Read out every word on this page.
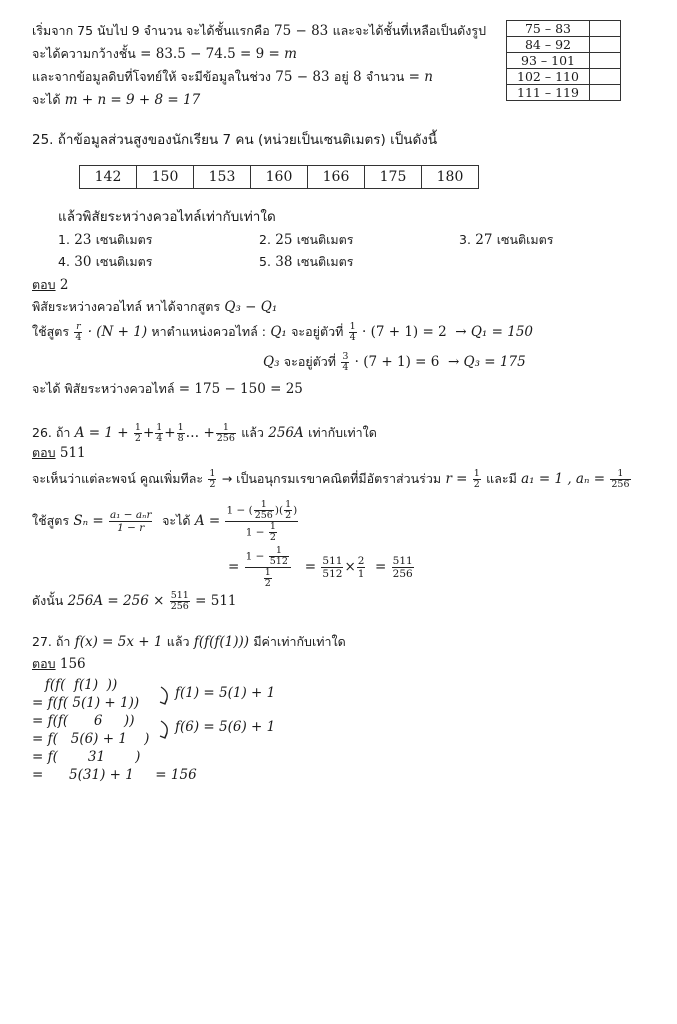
เริ่มจาก 75 นับไป 9 จำนวน จะได้ชั้นแรกคือ 75 − 83 และจะได้ชั้นที่เหลือเป็นดังรูป
จะได้ความกว้างชั้น = 83.5 − 74.5 = 9 = m
และจากข้อมูลดิบที่โจทย์ให้ จะมีข้อมูลในช่วง 75 − 83 อยู่ 8 จำนวน = n
จะได้ m + n = 9 + 8 = 17
75 – 83	
84 – 92	
93 – 101	
102 – 110	
111 – 119	
25. ถ้าข้อมูลส่วนสูงของนักเรียน 7 คน (หน่วยเป็นเซนติเมตร) เป็นดังนี้
142	150	153	160	166	175	180
แล้วพิสัยระหว่างควอไทล์เท่ากับเท่าใด
1. 23 เซนติเมตร	2. 25 เซนติเมตร	3. 27 เซนติเมตร
4. 30 เซนติเมตร	5. 38 เซนติเมตร
ตอบ 2
พิสัยระหว่างควอไทล์ หาได้จากสูตร Q₃ − Q₁
ใช้สูตร $\frac{r}{4} \cdot (N + 1)$ หาตำแหน่งควอไทล์ : Q₁ จะอยู่ตัวที่ $\frac{1}{4} \cdot (7 + 1) = 2 \to Q_1 = 150$
Q₃ จะอยู่ตัวที่ $\frac{3}{4} \cdot (7 + 1) = 6 \to Q_3 = 175$
จะได้ พิสัยระหว่างควอไทล์ = 175 − 150 = 25
26. ถ้า $A = 1 + \frac{1}{2} + \frac{1}{4} + \frac{1}{8}$ … + $\frac{1}{256}$ แล้ว 256A เท่ากับเท่าใด
ตอบ 511
จะเห็นว่าแต่ละพจน์ คูณเพิ่มทีละ $\frac{1}{2}$ → เป็นอนุกรมเรขาคณิตที่มีอัตราส่วนร่วม $r = \frac{1}{2}$ และมี a₁ = 1 , $a_n = \frac{1}{256}$
ใช้สูตร $S_n = \frac{\text{a₁ − aₙr}}{1 - r}$ จะได้ $A = \frac{1 - ( \frac{1}{256} )( \frac{1}{2} )}{1 - \frac{1}{2}}$
= $\frac{1 - \frac{1}{512}}{\frac{1}{2}} = \frac{511}{512} \times \frac{2}{1} = \frac{511}{256}$
ดังนั้น $256A = 256 \times \frac{511}{256} = 511$
27. ถ้า f(x) = 5x + 1 แล้ว f(f(f(1))) มีค่าเท่ากับเท่าใด
ตอบ 156
f(f(  f(1)  ))
= f(f( 5(1) + 1))
= f(f(      6     ))
= f(   5(6) + 1    )
= f(       31       )
=      5(31) + 1     = 156
f(1) = 5(1) + 1
f(6) = 5(6) + 1
